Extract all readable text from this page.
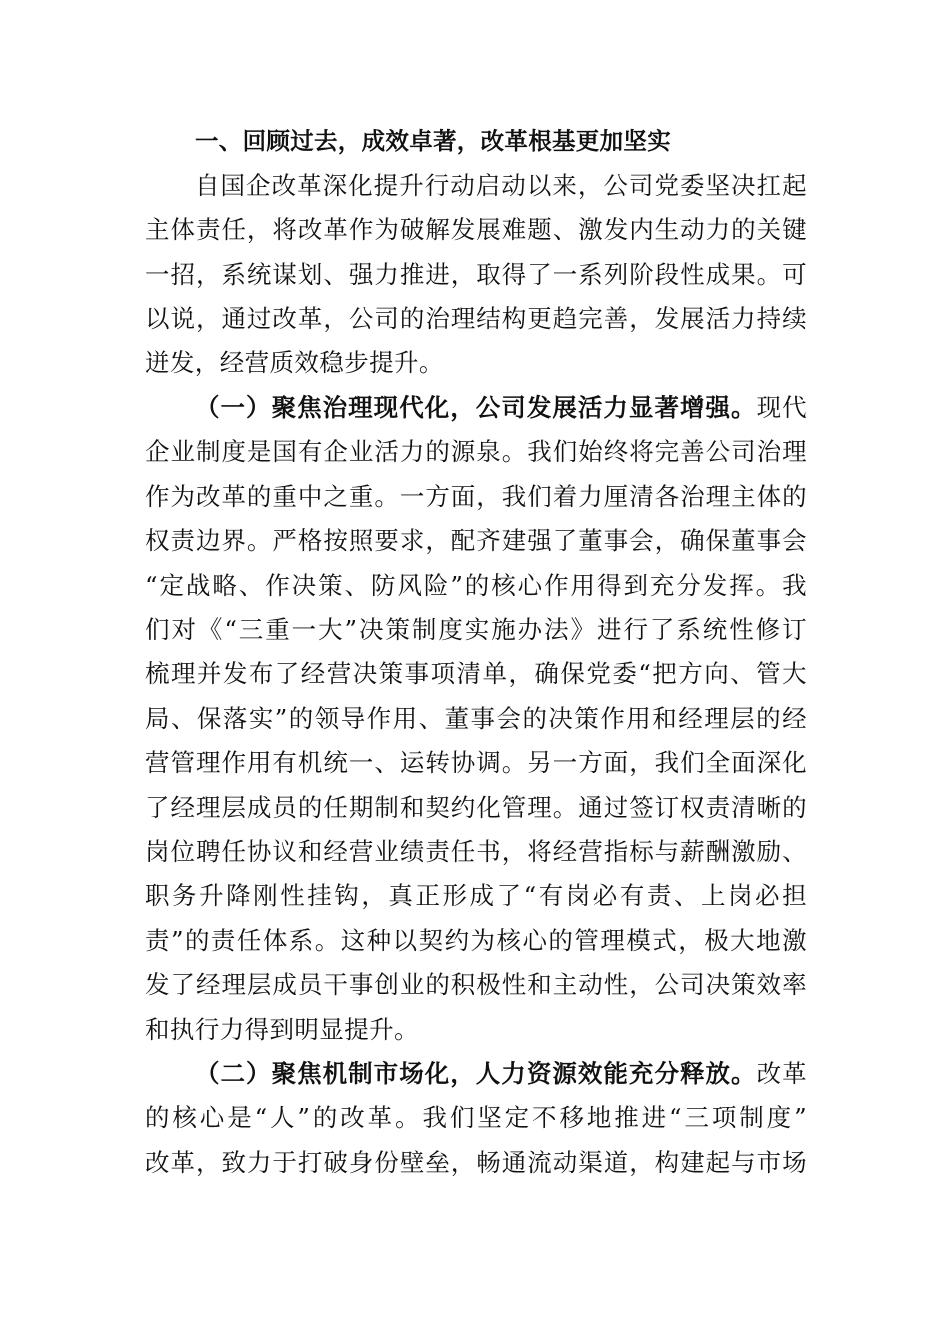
一、回顾过去，成效卓著，改革根基更加坚实

自国企改革深化提升行动启动以来，公司党委坚决扛起

主体责任，将改革作为破解发展难题、激发内生动力的关键

一招，系统谋划、强力推进，取得了一系列阶段性成果。可

以说，通过改革，公司的治理结构更趋完善，发展活力持续

迸发，经营质效稳步提升。

（一）聚焦治理现代化，公司发展活力显著增强。现代

企业制度是国有企业活力的源泉。我们始终将完善公司治理

作为改革的重中之重。一方面，我们着力厘清各治理主体的

权责边界。严格按照要求，配齐建强了董事会，确保董事会

“定战略、作决策、防风险”的核心作用得到充分发挥。我

们对《“三重一大”决策制度实施办法》进行了系统性修订

梳理并发布了经营决策事项清单，确保党委“把方向、管大

局、保落实”的领导作用、董事会的决策作用和经理层的经

营管理作用有机统一、运转协调。另一方面，我们全面深化

了经理层成员的任期制和契约化管理。通过签订权责清晰的

岗位聘任协议和经营业绩责任书，将经营指标与薪酬激励、

职务升降刚性挂钩，真正形成了“有岗必有责、上岗必担

责”的责任体系。这种以契约为核心的管理模式，极大地激

发了经理层成员干事创业的积极性和主动性，公司决策效率

和执行力得到明显提升。

（二）聚焦机制市场化，人力资源效能充分释放。改革

的核心是“人”的改革。我们坚定不移地推进“三项制度”

改革，致力于打破身份壁垒，畅通流动渠道，构建起与市场
